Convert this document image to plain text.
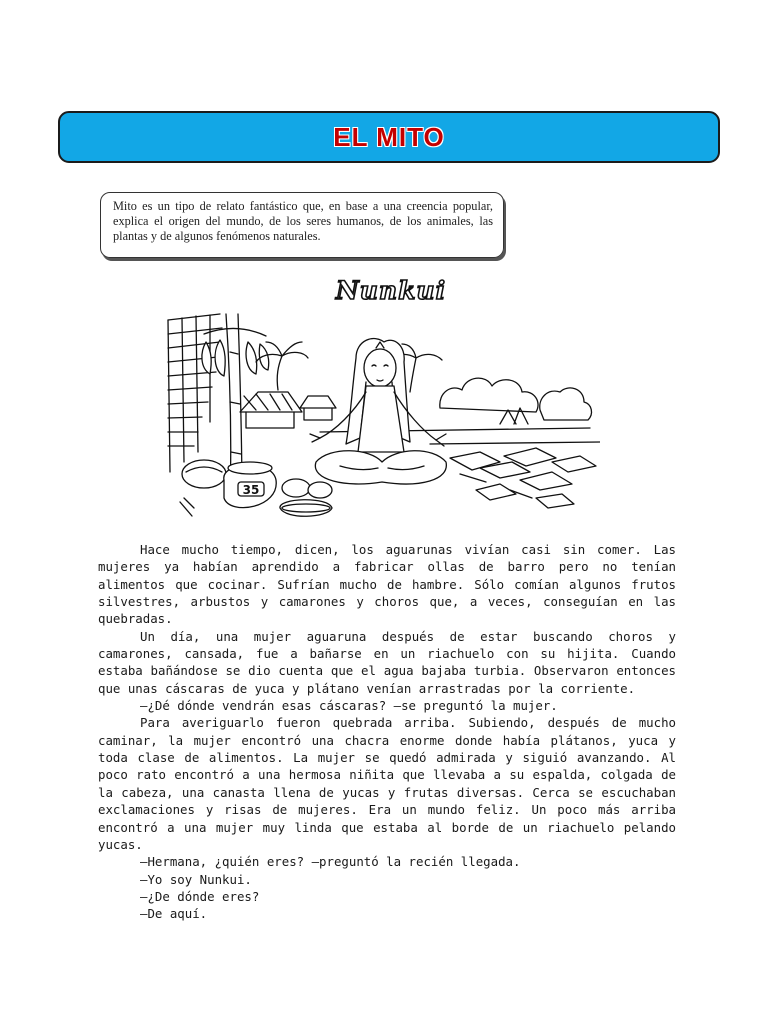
EL MITO
Mito es un tipo de relato fantástico que, en base a una creencia popular, explica el origen del mundo, de los seres humanos, de los animales, las plantas y de algunos fenómenos naturales.
Nunkui
35

Hace mucho tiempo, dicen, los aguarunas vivían casi sin comer. Las mujeres ya habían aprendido a fabricar ollas de barro pero no tenían alimentos que cocinar. Sufrían mucho de hambre. Sólo comían algunos frutos silvestres, arbustos y camarones y choros que, a veces, conseguían en las quebradas.

Un día, una mujer aguaruna después de estar buscando choros y camarones, cansada, fue a bañarse en un riachuelo con su hijita. Cuando estaba bañándose se dio cuenta que el agua bajaba turbia. Observaron entonces que unas cáscaras de yuca y plátano venían arrastradas por la corriente.

—¿Dé dónde vendrán esas cáscaras? —se preguntó la mujer.

Para averiguarlo fueron quebrada arriba. Subiendo, después de mucho caminar, la mujer encontró una chacra enorme donde había plátanos, yuca y toda clase de alimentos. La mujer se quedó admirada y siguió avanzando. Al poco rato encontró a una hermosa niñita que llevaba a su espalda, colgada de la cabeza, una canasta llena de yucas y frutas diversas. Cerca se escuchaban exclamaciones y risas de mujeres. Era un mundo feliz. Un poco más arriba encontró a una mujer muy linda que estaba al borde de un riachuelo pelando yucas.

—Hermana, ¿quién eres? —preguntó la recién llegada.

—Yo soy Nunkui.

—¿De dónde eres?

—De aquí.
